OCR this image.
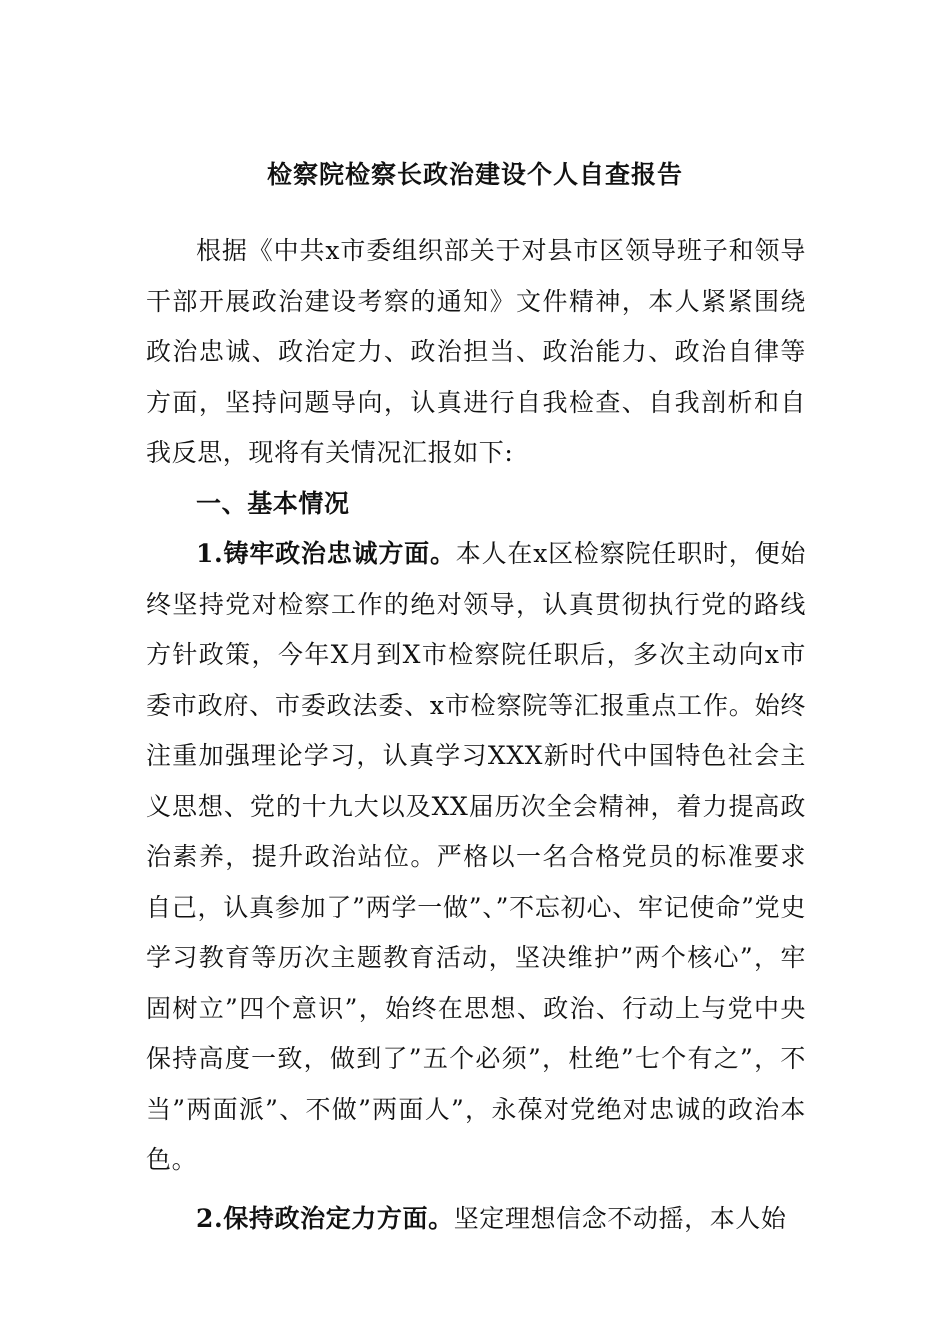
检察院检察长政治建设个人自查报告

根据《中共x市委组织部关于对县市区领导班子和领导干部开展政治建设考察的通知》文件精神，本人紧紧围绕政治忠诚、政治定力、政治担当、政治能力、政治自律等方面，坚持问题导向，认真进行自我检查、自我剖析和自我反思，现将有关情况汇报如下:

一、基本情况

1.铸牢政治忠诚方面。本人在x区检察院任职时，便始终坚持党对检察工作的绝对领导，认真贯彻执行党的路线方针政策，今年X月到X市检察院任职后，多次主动向x市委市政府、市委政法委、x市检察院等汇报重点工作。始终注重加强理论学习，认真学习XXX新时代中国特色社会主义思想、党的十九大以及XX届历次全会精神，着力提高政治素养，提升政治站位。严格以一名合格党员的标准要求自己，认真参加了”两学一做”、”不忘初心、牢记使命”党史学习教育等历次主题教育活动，坚决维护”两个核心”，牢固树立”四个意识”，始终在思想、政治、行动上与党中央保持高度一致，做到了”五个必须”，杜绝”七个有之”，不当”两面派”、不做”两面人”，永葆对党绝对忠诚的政治本色。

2.保持政治定力方面。坚定理想信念不动摇，本人始
